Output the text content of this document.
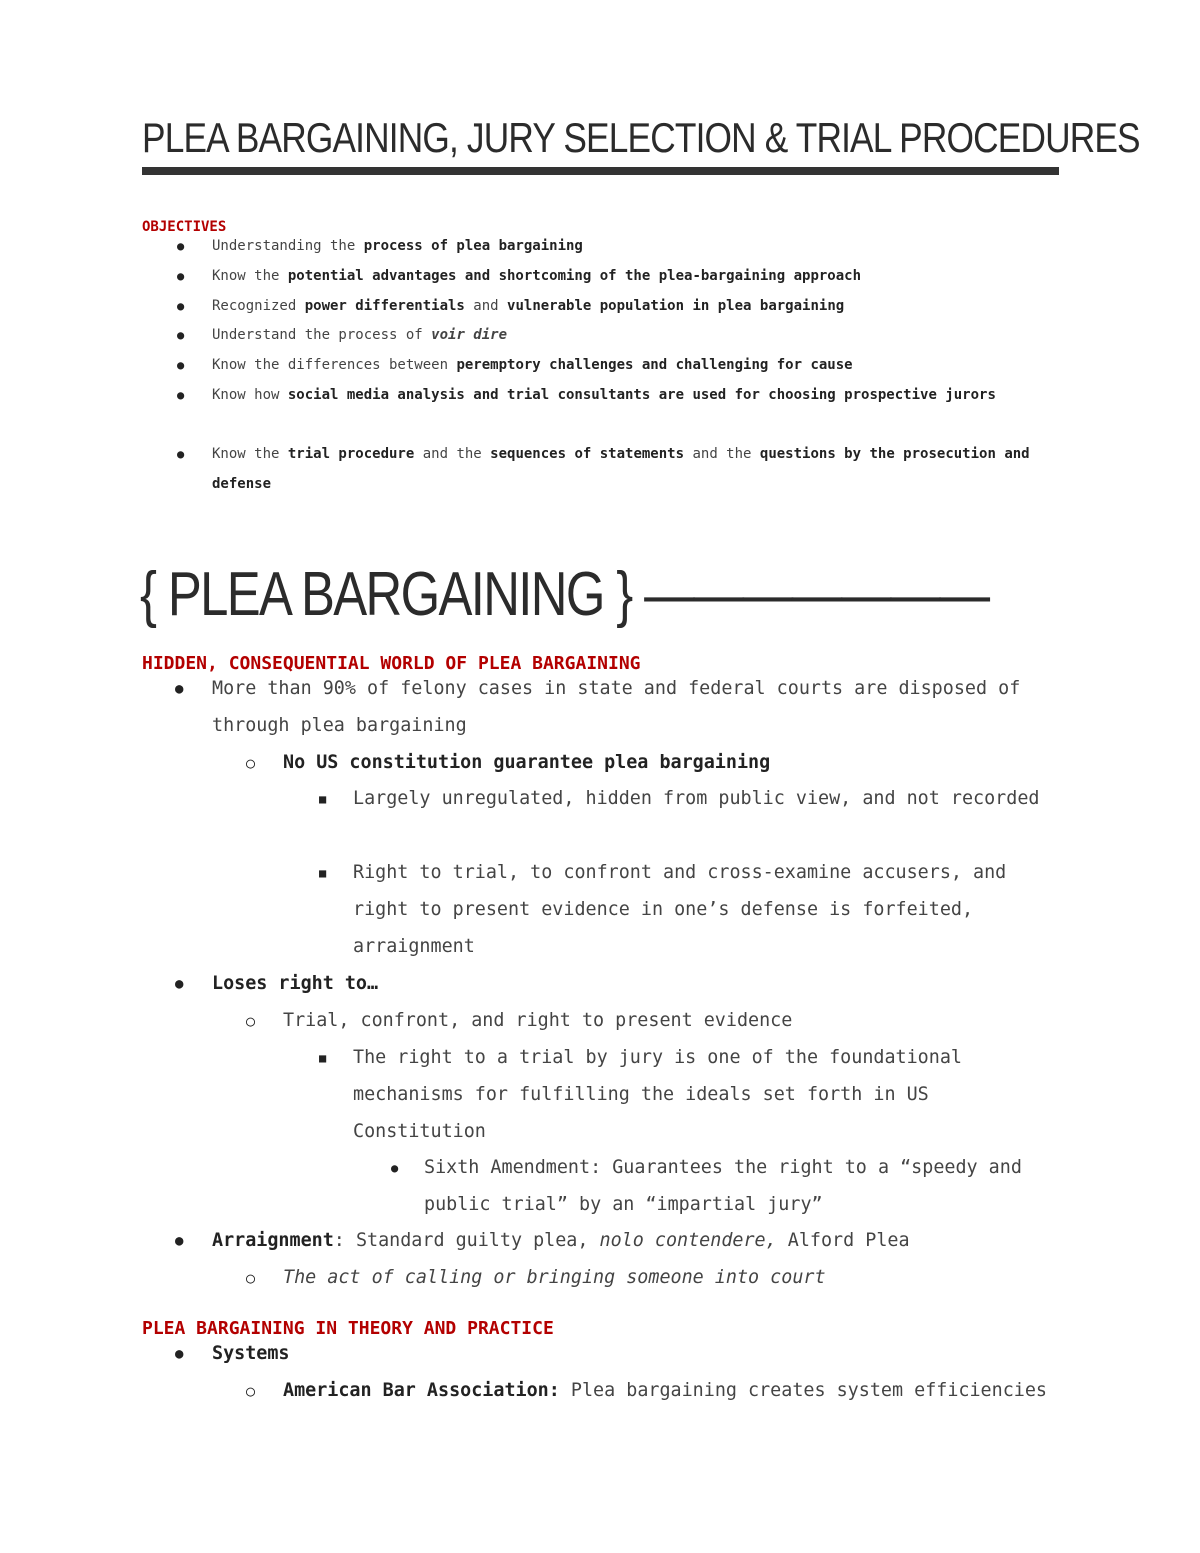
PLEA BARGAINING, JURY SELECTION & TRIAL PROCEDURES
OBJECTIVES
● Understanding the process of plea bargaining
● Know the potential advantages and shortcoming of the plea-bargaining approach
● Recognized power differentials and vulnerable population in plea bargaining
● Understand the process of voir dire
● Know the differences between peremptory challenges and challenging for cause
● Know how social media analysis and trial consultants are used for choosing prospective jurors
● Know the trial procedure and the sequences of statements and the questions by the prosecution and defense
{ PLEA BARGAINING } ———————
HIDDEN, CONSEQUENTIAL WORLD OF PLEA BARGAINING
● More than 90% of felony cases in state and federal courts are disposed of through plea bargaining
○ No US constitution guarantee plea bargaining
■ Largely unregulated, hidden from public view, and not recorded
■ Right to trial, to confront and cross-examine accusers, and right to present evidence in one’s defense is forfeited, arraignment
● Loses right to…
○ Trial, confront, and right to present evidence
■ The right to a trial by jury is one of the foundational mechanisms for fulfilling the ideals set forth in US Constitution
● Sixth Amendment: Guarantees the right to a “speedy and public trial” by an “impartial jury”
● Arraignment: Standard guilty plea, nolo contendere, Alford Plea
○ The act of calling or bringing someone into court
PLEA BARGAINING IN THEORY AND PRACTICE
● Systems
○ American Bar Association: Plea bargaining creates system efficiencies
